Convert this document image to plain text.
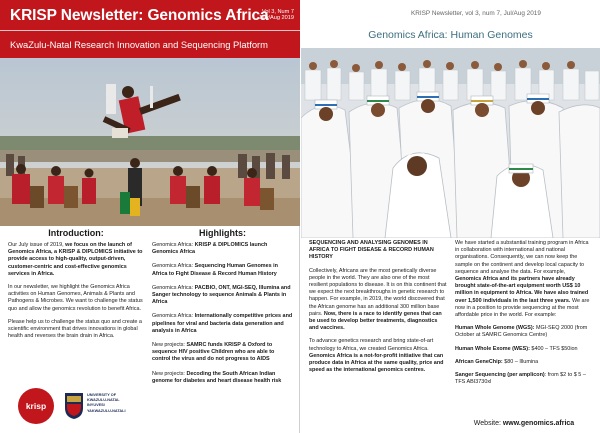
KRISP Newsletter: Genomics Africa
Vol 3, Num 7
July/Aug 2019
KwaZulu-Natal Research Innovation and Sequencing Platform
Introduction:

Our July issue of 2019, we focus on the launch of Genomics Africa, a KRISP & DIPLOMICS initiative to provide access to high-quality, output-driven, customer-centric and cost-effective genomics services in Africa.

In our newsletter, we highlight the Genomics Africa activities on Human Genomes, Animals & Plants and Pathogens & Microbes. We want to challenge the status quo and allow the genomics revolution to benefit Africa.

Please help us to challenge the status quo and create a scientific environment that drives innovations in global health and reverses the brain drain in Africa.

Highlights:

Genomics Africa: KRISP & DIPLOMICS launch Genomics Africa

Genomics Africa: Sequencing Human Genomes in Africa to Fight Disease & Record Human History

Genomics Africa: PACBIO, ONT, MGI-SEQ, Illumina and Sanger technology to sequence Animals & Plants in Africa

Genomics Africa: Internationally competitive prices and pipelines for viral and bacteria data generation and analysis in Africa

New projects: SAMRC funds KRISP & Oxford to sequence HIV positive Children who are able to control the virus and do not progress to AIDS

New projects: Decoding the South African Indian genome for diabetes and heart disease health risk

krisp
UNIVERSITY OF
KWAZULU-NATAL
INYUVESI
YAKWAZULU-NATALI
KRISP Newsletter, vol 3, num 7, Jul/Aug 2019
Genomics Africa: Human Genomes

SEQUENCING AND ANALYSING GENOMES IN AFRICA TO FIGHT DISEASE & RECORD HUMAN HISTORY

Collectively, Africans are the most genetically diverse people in the world. They are also one of the most resilient populations to disease. It is on this continent that we expect the next breakthroughs in genetic research to happen. For example, in 2019, the world discovered that the African genome has an additional 300 million base pairs. Now, there is a race to identify genes that can be used to develop better treatments, diagnostics and vaccines.

To advance genetics research and bring state-of-art technology to Africa, we created Genomics Africa. Genomics Africa is a not-for-profit initiative that can produce data in Africa at the same quality, price and speed as the international genomics centres.

We have started a substantial training program in Africa in collaboration with international and national organisations. Consequently, we can now keep the sample on the continent and develop local capacity to sequence and analyse the data. For example, Genomics Africa and its partners have already brought state-of-the-art equipment worth US$ 10 million in equipment to Africa. We have also trained over 1,500 individuals in the last three years. We are now in a position to provide sequencing at the most affordable price in the world. For example:

Human Whole Genome (WGS): MGI-SEQ 2000 (from October at SAMRC Genomics Centre)

Human Whole Exome (WES): $400 – TFS $50ion

African GeneChip: $80 – Illumina

Sanger Sequencing (per amplicon): from $2 to $ 5 – TFS ABI3730xl

Website: www.genomics.africa
